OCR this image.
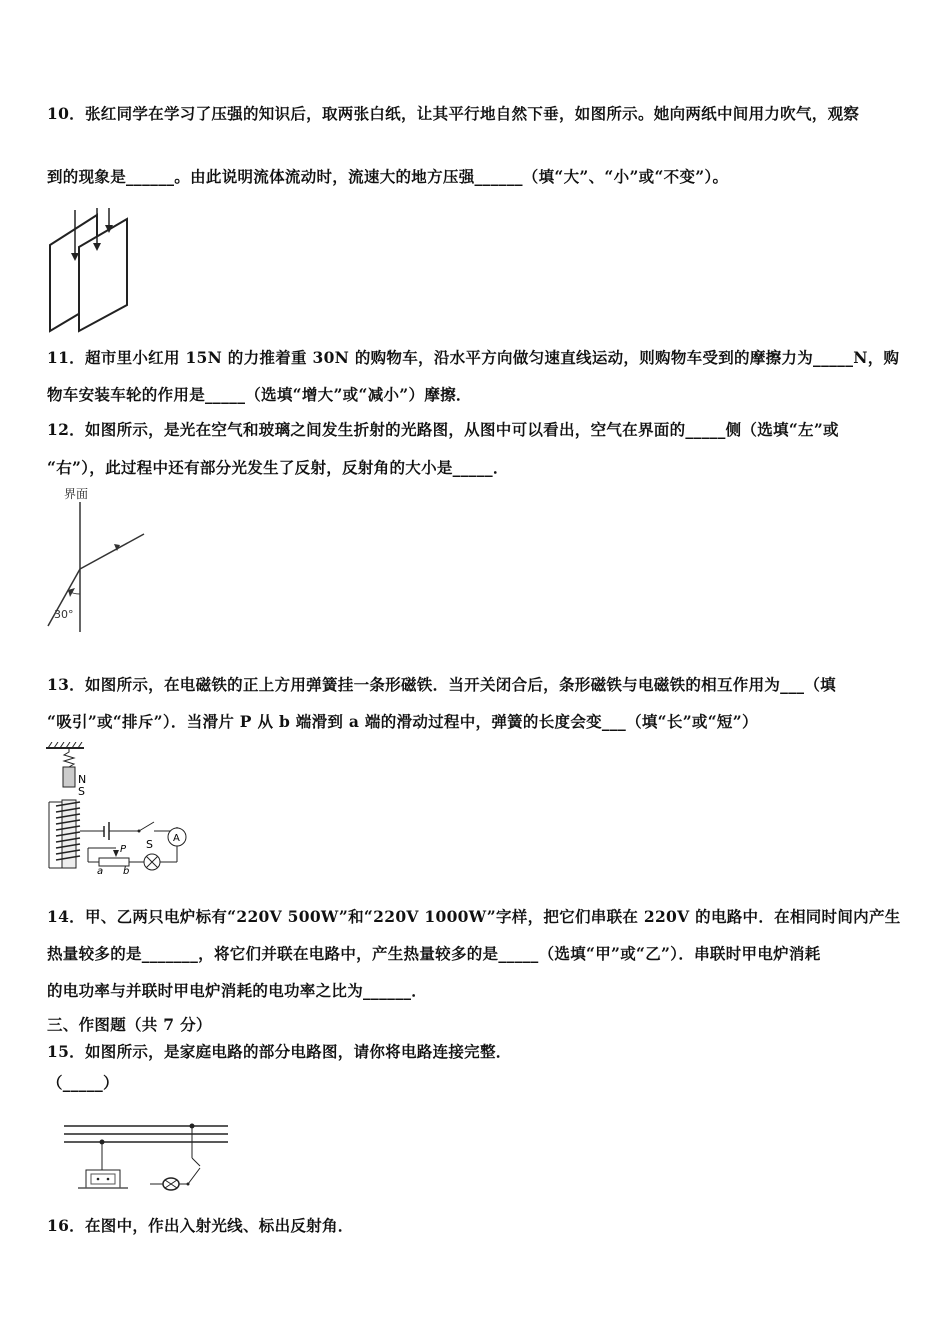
10．张红同学在学习了压强的知识后，取两张白纸，让其平行地自然下垂，如图所示。她向两纸中间用力吹气，观察
到的现象是______。由此说明流体流动时，流速大的地方压强______（填“大”、“小”或“不变”）。
11．超市里小红用 15N 的力推着重 30N 的购物车，沿水平方向做匀速直线运动，则购物车受到的摩擦力为_____N，购
物车安装车轮的作用是_____（选填“增大”或“减小”）摩擦．
12．如图所示，是光在空气和玻璃之间发生折射的光路图，从图中可以看出，空气在界面的_____侧（选填“左”或
“右”），此过程中还有部分光发生了反射，反射角的大小是_____．
界面
30°
13．如图所示，在电磁铁的正上方用弹簧挂一条形磁铁．当开关闭合后，条形磁铁与电磁铁的相互作用为___（填
“吸引”或“排斥”）．当滑片 P 从 b 端滑到 a 端的滑动过程中，弹簧的长度会变___（填“长”或“短”）
N
S
S A
P
a b
14．甲、乙两只电炉标有“220V 500W”和“220V 1000W”字样，把它们串联在 220V 的电路中．在相同时间内产生
热量较多的是_______，将它们并联在电路中，产生热量较多的是_____（选填“甲”或“乙”）．串联时甲电炉消耗
的电功率与并联时甲电炉消耗的电功率之比为______．
三、作图题（共 7 分）
15．如图所示，是家庭电路的部分电路图，请你将电路连接完整．
（_____）
16．在图中，作出入射光线、标出反射角．
